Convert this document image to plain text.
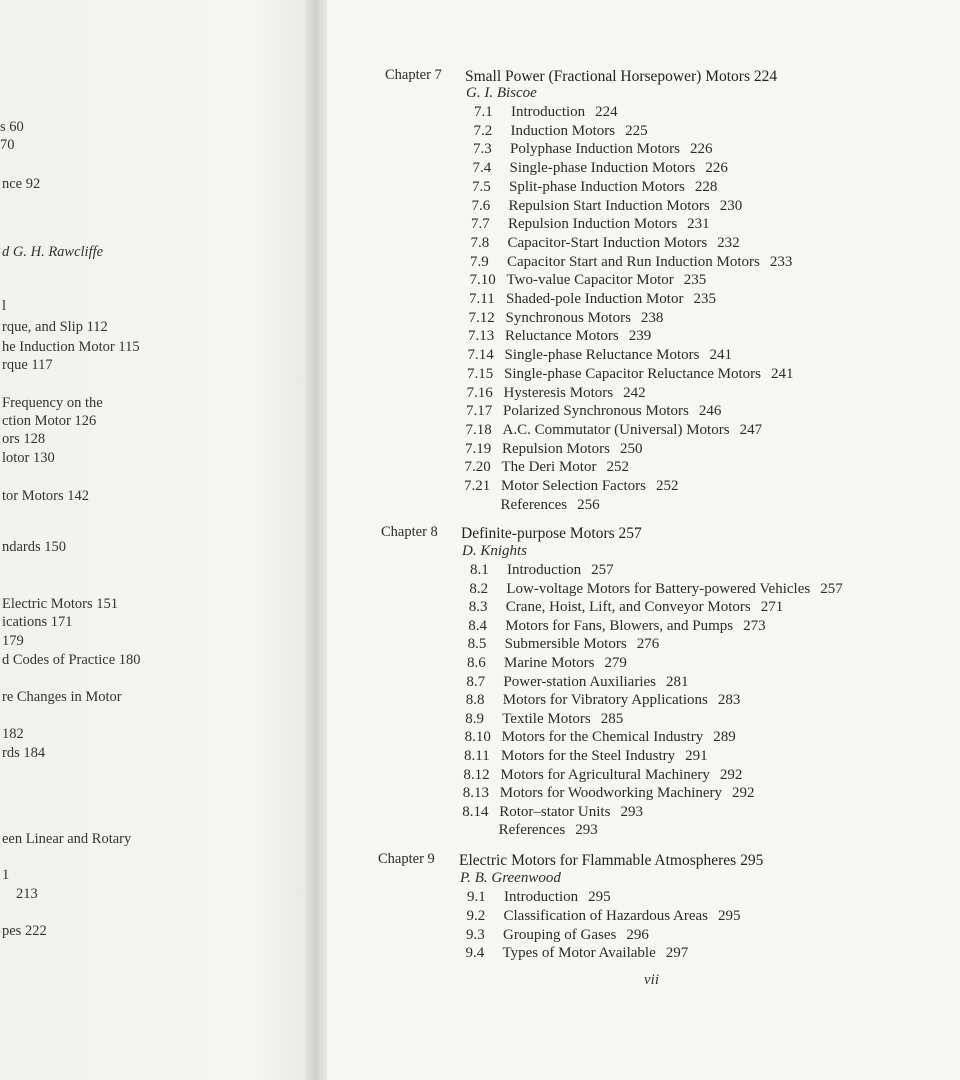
s 60
70
nce 92
d G. H. Rawcliffe
l
rque, and Slip 112
he Induction Motor 115
rque 117
Frequency on the
ction Motor 126
ors 128
lotor 130
tor Motors 142
ndards 150
Electric Motors 151
ications 171
179
d Codes of Practice 180
re Changes in Motor
182
rds 184
een Linear and Rotary
1
213
pes 222
Chapter 7 Small Power (Fractional Horsepower) Motors 224
G. I. Biscoe
7.1 Introduction 224
7.2 Induction Motors 225
7.3 Polyphase Induction Motors 226
7.4 Single-phase Induction Motors 226
7.5 Split-phase Induction Motors 228
7.6 Repulsion Start Induction Motors 230
7.7 Repulsion Induction Motors 231
7.8 Capacitor-Start Induction Motors 232
7.9 Capacitor Start and Run Induction Motors 233
7.10 Two-value Capacitor Motor 235
7.11 Shaded-pole Induction Motor 235
7.12 Synchronous Motors 238
7.13 Reluctance Motors 239
7.14 Single-phase Reluctance Motors 241
7.15 Single-phase Capacitor Reluctance Motors 241
7.16 Hysteresis Motors 242
7.17 Polarized Synchronous Motors 246
7.18 A.C. Commutator (Universal) Motors 247
7.19 Repulsion Motors 250
7.20 The Deri Motor 252
7.21 Motor Selection Factors 252
References 256
Chapter 8 Definite-purpose Motors 257
D. Knights
8.1 Introduction 257
8.2 Low-voltage Motors for Battery-powered Vehicles 257
8.3 Crane, Hoist, Lift, and Conveyor Motors 271
8.4 Motors for Fans, Blowers, and Pumps 273
8.5 Submersible Motors 276
8.6 Marine Motors 279
8.7 Power-station Auxiliaries 281
8.8 Motors for Vibratory Applications 283
8.9 Textile Motors 285
8.10 Motors for the Chemical Industry 289
8.11 Motors for the Steel Industry 291
8.12 Motors for Agricultural Machinery 292
8.13 Motors for Woodworking Machinery 292
8.14 Rotor–stator Units 293
References 293
Chapter 9 Electric Motors for Flammable Atmospheres 295
P. B. Greenwood
9.1 Introduction 295
9.2 Classification of Hazardous Areas 295
9.3 Grouping of Gases 296
9.4 Types of Motor Available 297
vii
